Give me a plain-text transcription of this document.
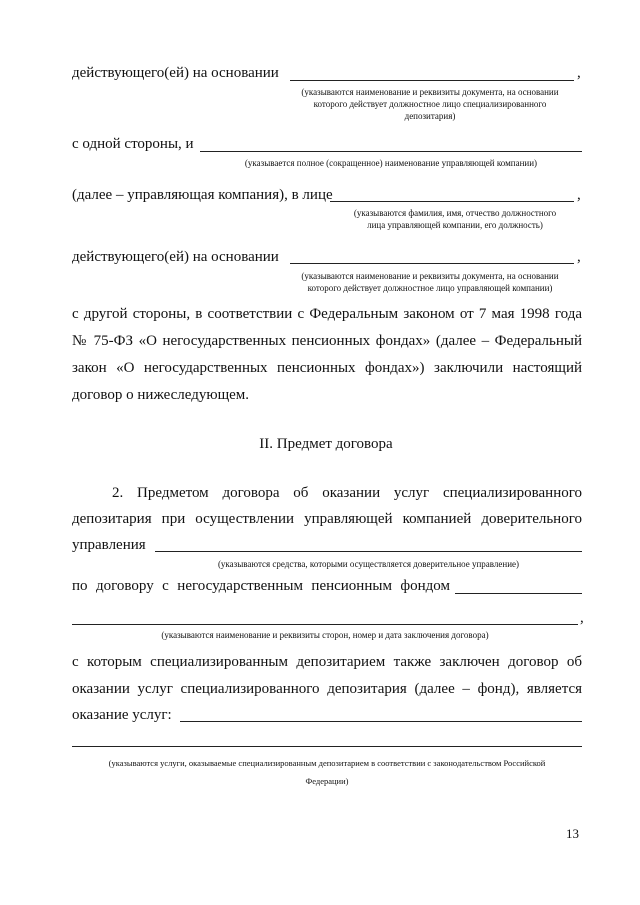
действующего(ей) на основании	,
(указываются наименование и реквизиты документа, на основании
которого действует должностное лицо специализированного
депозитария)
с одной стороны, и
(указывается полное (сокращенное) наименование управляющей компании)
(далее – управляющая компания), в лице	,
(указываются фамилия, имя, отчество должностного
лица управляющей компании, его должность)
действующего(ей) на основании	,
(указываются наименование и реквизиты документа, на основании
которого действует должностное лицо управляющей компании)
с другой стороны, в соответствии с Федеральным законом от 7 мая 1998 года
№ 75-ФЗ «О негосударственных пенсионных фондах» (далее – Федеральный
закон «О негосударственных пенсионных фондах») заключили настоящий
договор о нижеследующем.
II. Предмет договора
2. Предметом договора об оказании услуг специализированного
депозитария при осуществлении управляющей компанией доверительного
управления
(указываются средства, которыми осуществляется доверительное управление)
по договору с негосударственным пенсионным фондом
,
(указываются наименование и реквизиты сторон, номер и дата заключения договора)
с которым специализированным депозитарием также заключен договор об
оказании услуг специализированного депозитария (далее – фонд), является
оказание услуг:
(указываются услуги, оказываемые специализированным депозитарием в соответствии с законодательством Российской
Федерации)
13
